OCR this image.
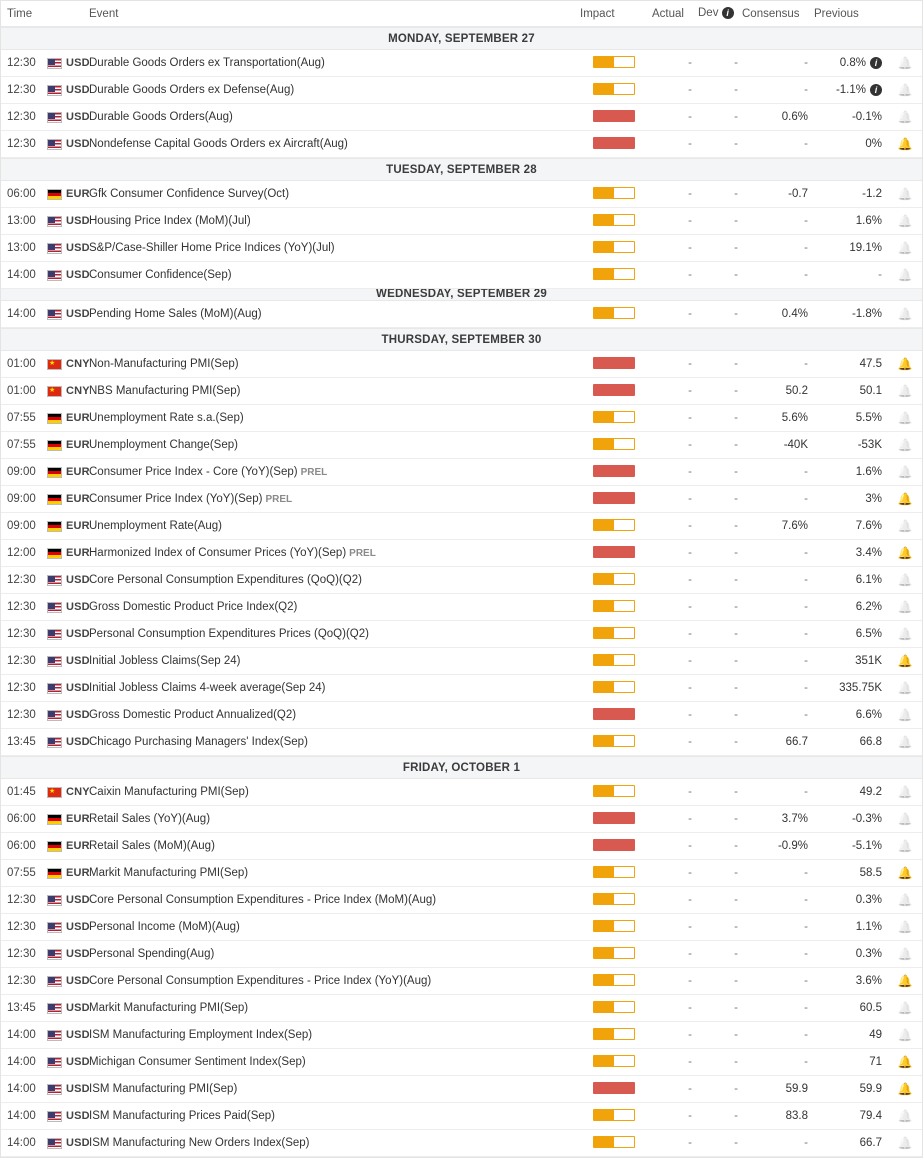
Time	Event	Impact	Actual	Dev i	Consensus	Previous
MONDAY, SEPTEMBER 27
12:30	USD Durable Goods Orders ex Transportation(Aug)	-	-	-	0.8% i	🔔
12:30	USD Durable Goods Orders ex Defense(Aug)	-	-	-	-1.1% i	🔔
12:30	USD Durable Goods Orders(Aug)	-	-	0.6%	-0.1%	🔔
12:30	USD Nondefense Capital Goods Orders ex Aircraft(Aug)	-	-	-	0%	🔔
TUESDAY, SEPTEMBER 28
06:00	EUR Gfk Consumer Confidence Survey(Oct)	-	-	-0.7	-1.2	🔔
13:00	USD Housing Price Index (MoM)(Jul)	-	-	-	1.6%	🔔
13:00	USD S&P/Case-Shiller Home Price Indices (YoY)(Jul)	-	-	-	19.1%	🔔
14:00	USD Consumer Confidence(Sep)	-	-	-	-	🔔
WEDNESDAY, SEPTEMBER 29
14:00	USD Pending Home Sales (MoM)(Aug)	-	-	0.4%	-1.8%	🔔
THURSDAY, SEPTEMBER 30
01:00 ★	CNY Non-Manufacturing PMI(Sep)	-	-	-	47.5	🔔
01:00 ★	CNY NBS Manufacturing PMI(Sep)	-	-	50.2	50.1	🔔
07:55	EUR Unemployment Rate s.a.(Sep)	-	-	5.6%	5.5%	🔔
07:55	EUR Unemployment Change(Sep)	-	-	-40K	-53K	🔔
09:00	EUR Consumer Price Index - Core (YoY)(Sep) PREL	-	-	-	1.6%	🔔
09:00	EUR Consumer Price Index (YoY)(Sep) PREL	-	-	-	3%	🔔
09:00	EUR Unemployment Rate(Aug)	-	-	7.6%	7.6%	🔔
12:00	EUR Harmonized Index of Consumer Prices (YoY)(Sep) PREL	-	-	-	3.4%	🔔
12:30	USD Core Personal Consumption Expenditures (QoQ)(Q2)	-	-	-	6.1%	🔔
12:30	USD Gross Domestic Product Price Index(Q2)	-	-	-	6.2%	🔔
12:30	USD Personal Consumption Expenditures Prices (QoQ)(Q2)	-	-	-	6.5%	🔔
12:30	USD Initial Jobless Claims(Sep 24)	-	-	-	351K	🔔
12:30	USD Initial Jobless Claims 4-week average(Sep 24)	-	-	-	335.75K	🔔
12:30	USD Gross Domestic Product Annualized(Q2)	-	-	-	6.6%	🔔
13:45	USD Chicago Purchasing Managers' Index(Sep)	-	-	66.7	66.8	🔔
FRIDAY, OCTOBER 1
01:45 ★	CNY Caixin Manufacturing PMI(Sep)	-	-	-	49.2	🔔
06:00	EUR Retail Sales (YoY)(Aug)	-	-	3.7%	-0.3%	🔔
06:00	EUR Retail Sales (MoM)(Aug)	-	-	-0.9%	-5.1%	🔔
07:55	EUR Markit Manufacturing PMI(Sep)	-	-	-	58.5	🔔
12:30	USD Core Personal Consumption Expenditures - Price Index (MoM)(Aug)	-	-	-	0.3%	🔔
12:30	USD Personal Income (MoM)(Aug)	-	-	-	1.1%	🔔
12:30	USD Personal Spending(Aug)	-	-	-	0.3%	🔔
12:30	USD Core Personal Consumption Expenditures - Price Index (YoY)(Aug)	-	-	-	3.6%	🔔
13:45	USD Markit Manufacturing PMI(Sep)	-	-	-	60.5	🔔
14:00	USD ISM Manufacturing Employment Index(Sep)	-	-	-	49	🔔
14:00	USD Michigan Consumer Sentiment Index(Sep)	-	-	-	71	🔔
14:00	USD ISM Manufacturing PMI(Sep)	-	-	59.9	59.9	🔔
14:00	USD ISM Manufacturing Prices Paid(Sep)	-	-	83.8	79.4	🔔
14:00	USD ISM Manufacturing New Orders Index(Sep)	-	-	-	66.7	🔔
